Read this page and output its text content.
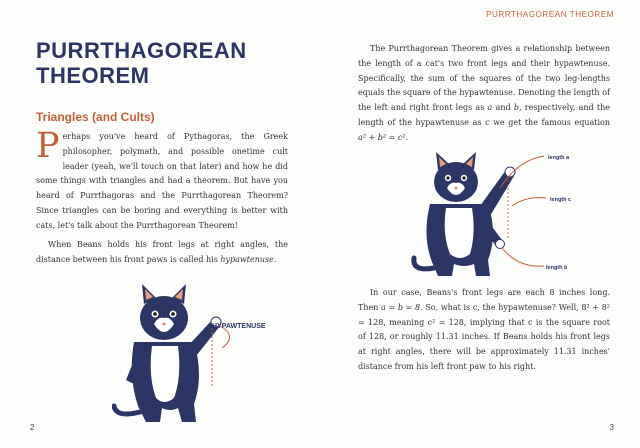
PURRTHAGOREAN
THEOREM
Triangles (and Cults)
Perhaps you've heard of Pythagoras, the Greek philosopher, polymath, and possible onetime cult leader (yeah, we'll touch on that later) and how he did some things with triangles and had a theorem. But have you heard of Purrthagoras and the Purrthagorean Theorem? Since triangles can be boring and everything is better with cats, let's talk about the Purrthagorean Theorem!
When Beans holds his front legs at right angles, the distance between his front paws is called his hypawtenuse.
HYPAWTENUSE
2
PURRTHAGOREAN THEOREM
The Purrthagorean Theorem gives a relationship between the length of a cat's two front legs and their hypawtenuse. Specifically, the sum of the squares of the two leg-lengths equals the square of the hypawtenuse. Denoting the length of the left and right front legs as a and b, respectively, and the length of the hypawtenuse as c we get the famous equation a² + b² = c².
length a
length c
length b
In our case, Beans's front legs are each 8 inches long. Then a = b = 8. So, what is c, the hypawtenuse? Well, 8² + 8² = 128, meaning c² = 128, implying that c is the square root of 128, or roughly 11.31 inches. If Beans holds his front legs at right angles, there will be approximately 11.31 inches' distance from his left front paw to his right.
3
